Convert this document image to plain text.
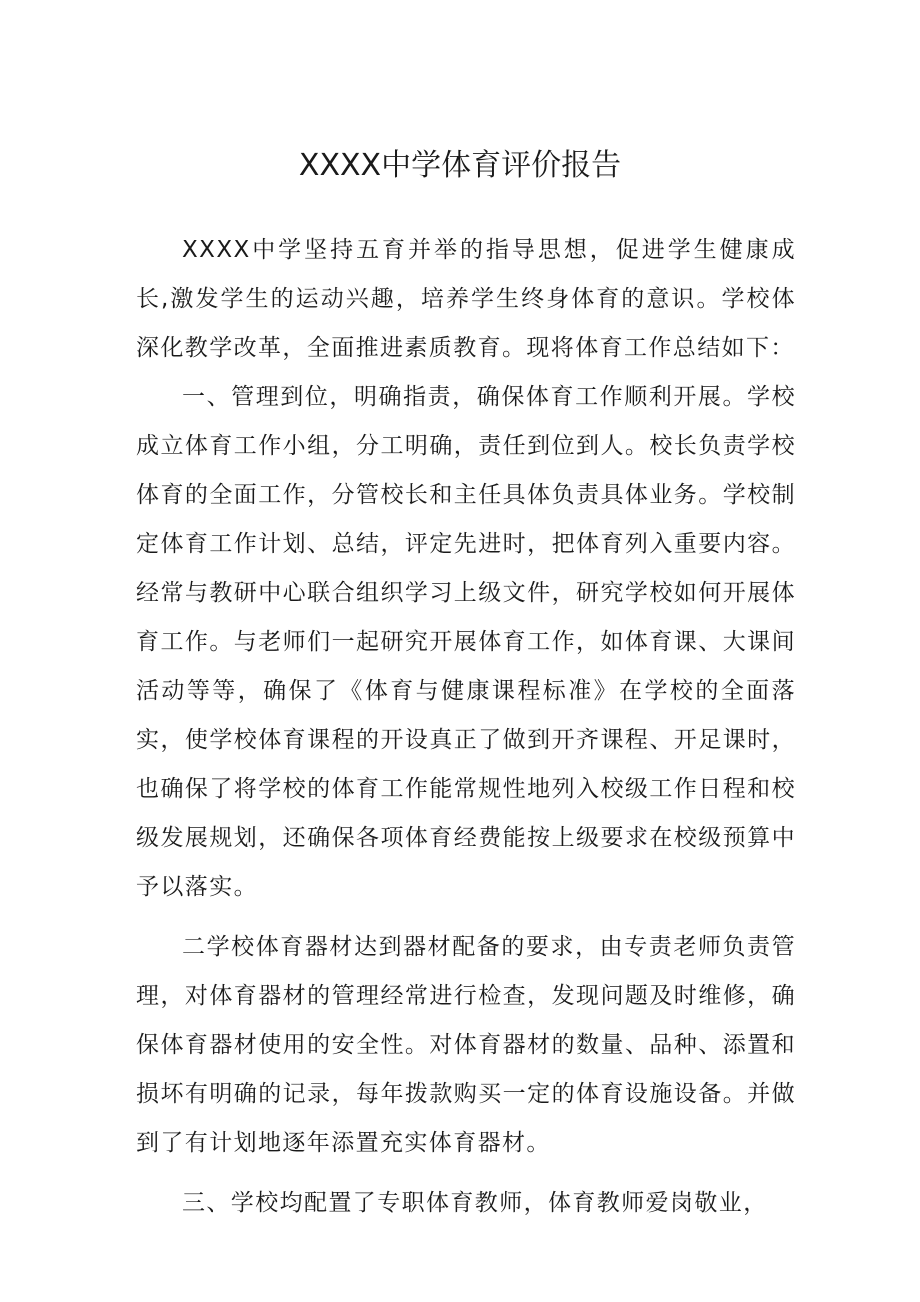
XXXX中学体育评价报告

XXXX中学坚持五育并举的指导思想，促进学生健康成长,激发学生的运动兴趣，培养学生终身体育的意识。学校体深化教学改革，全面推进素质教育。现将体育工作总结如下：

一、管理到位，明确指责，确保体育工作顺利开展。学校成立体育工作小组，分工明确，责任到位到人。校长负责学校体育的全面工作，分管校长和主任具体负责具体业务。学校制定体育工作计划、总结，评定先进时，把体育列入重要内容。经常与教研中心联合组织学习上级文件，研究学校如何开展体育工作。与老师们一起研究开展体育工作，如体育课、大课间活动等等，确保了《体育与健康课程标准》在学校的全面落实，使学校体育课程的开设真正了做到开齐课程、开足课时，也确保了将学校的体育工作能常规性地列入校级工作日程和校级发展规划，还确保各项体育经费能按上级要求在校级预算中予以落实。

二学校体育器材达到器材配备的要求，由专责老师负责管理，对体育器材的管理经常进行检查，发现问题及时维修，确保体育器材使用的安全性。对体育器材的数量、品种、添置和损坏有明确的记录，每年拨款购买一定的体育设施设备。并做到了有计划地逐年添置充实体育器材。

三、学校均配置了专职体育教师，体育教师爱岗敬业，
